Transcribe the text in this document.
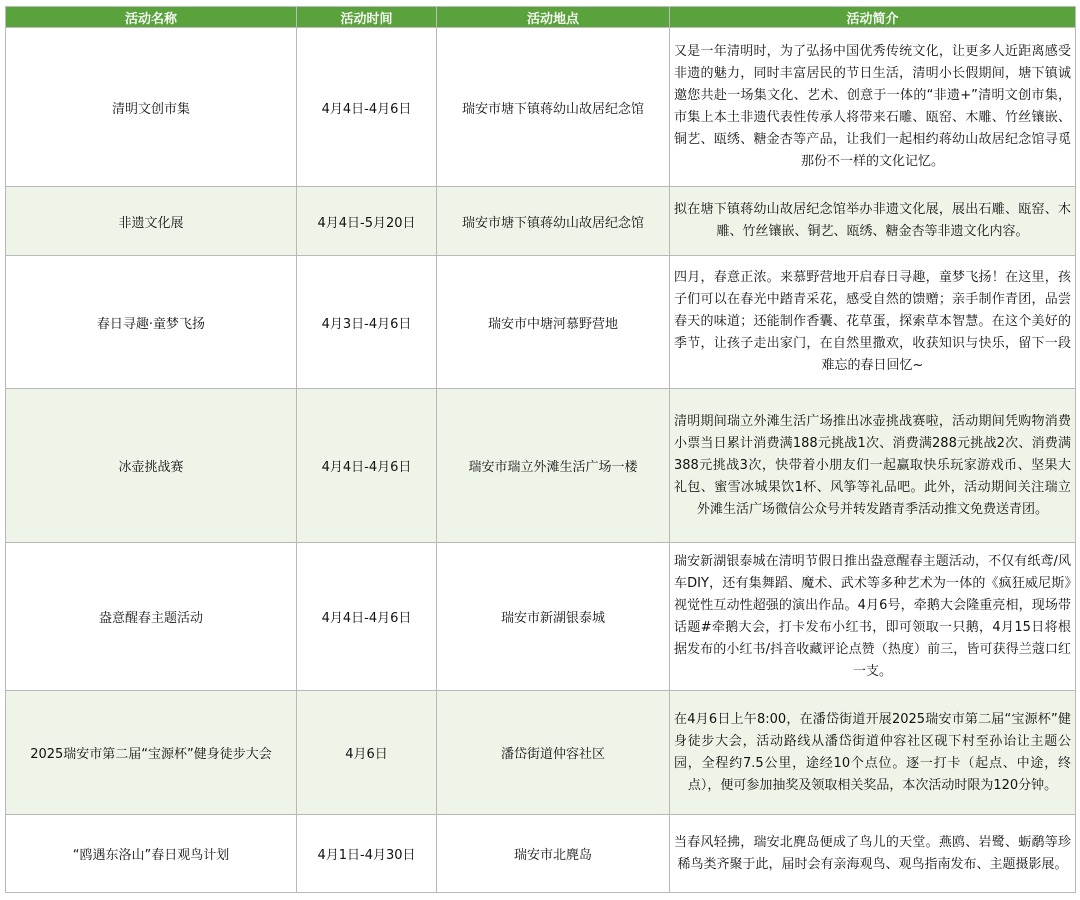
活动名称	活动时间	活动地点	活动简介
清明文创市集	4月4日-4月6日	瑞安市塘下镇蒋幼山故居纪念馆	又是一年清明时，为了弘扬中国优秀传统文化，让更多人近距离感受非遗的魅力，同时丰富居民的节日生活，清明小长假期间，塘下镇诚邀您共赴一场集文化、艺术、创意于一体的“非遗+”清明文创市集，市集上本土非遗代表性传承人将带来石雕、瓯窑、木雕、竹丝镶嵌、铜艺、瓯绣、糖金杏等产品，让我们一起相约蒋幼山故居纪念馆寻觅那份不一样的文化记忆。
非遗文化展	4月4日-5月20日	瑞安市塘下镇蒋幼山故居纪念馆	拟在塘下镇蒋幼山故居纪念馆举办非遗文化展，展出石雕、瓯窑、木雕、竹丝镶嵌、铜艺、瓯绣、糖金杏等非遗文化内容。
春日寻趣·童梦飞扬	4月3日-4月6日	瑞安市中塘河慕野营地	四月，春意正浓。来慕野营地开启春日寻趣，童梦飞扬！在这里，孩子们可以在春光中踏青采花，感受自然的馈赠；亲手制作青团，品尝春天的味道；还能制作香囊、花草蛋，探索草本智慧。在这个美好的季节，让孩子走出家门，在自然里撒欢，收获知识与快乐，留下一段难忘的春日回忆~
冰壶挑战赛	4月4日-4月6日	瑞安市瑞立外滩生活广场一楼	清明期间瑞立外滩生活广场推出冰壶挑战赛啦，活动期间凭购物消费小票当日累计消费满188元挑战1次、消费满288元挑战2次、消费满388元挑战3次，快带着小朋友们一起赢取快乐玩家游戏币、坚果大礼包、蜜雪冰城果饮1杯、风筝等礼品吧。此外，活动期间关注瑞立外滩生活广场微信公众号并转发踏青季活动推文免费送青团。
盎意醒春主题活动	4月4日-4月6日	瑞安市新湖银泰城	瑞安新湖银泰城在清明节假日推出盎意醒春主题活动，不仅有纸鸢/风车DIY，还有集舞蹈、魔术、武术等多种艺术为一体的《疯狂威尼斯》视觉性互动性超强的演出作品。4月6号，牵鹅大会隆重亮相，现场带话题#牵鹅大会，打卡发布小红书，即可领取一只鹅，4月15日将根据发布的小红书/抖音收藏评论点赞（热度）前三，皆可获得兰蔻口红一支。
2025瑞安市第二届“宝源杯”健身徒步大会	4月6日	潘岱街道仲容社区	在4月6日上午8:00，在潘岱街道开展2025瑞安市第二届“宝源杯”健身徒步大会，活动路线从潘岱街道仲容社区砚下村至孙诒让主题公园，全程约7.5公里，途经10个点位。逐一打卡（起点、中途，终点），便可参加抽奖及领取相关奖品，本次活动时限为120分钟。
“鸥遇东洛山”春日观鸟计划	4月1日-4月30日	瑞安市北麂岛	当春风轻拂，瑞安北麂岛便成了鸟儿的天堂。燕鸥、岩鹭、蛎鹬等珍稀鸟类齐聚于此，届时会有亲海观鸟、观鸟指南发布、主题摄影展。
